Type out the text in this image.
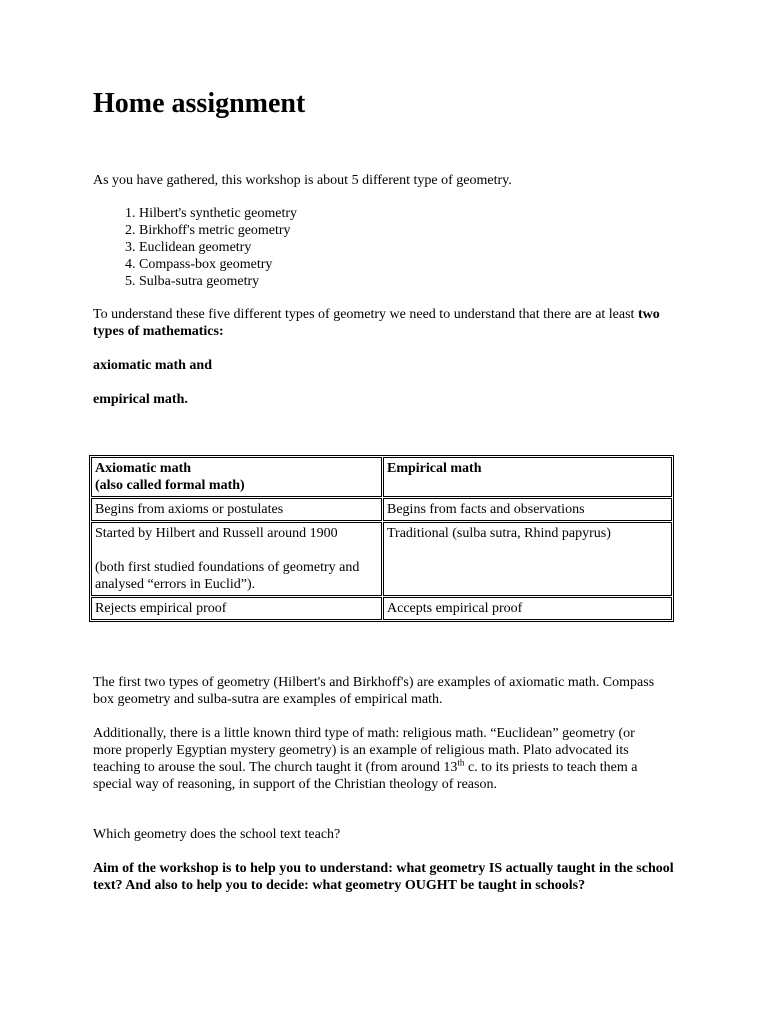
Home assignment

As you have gathered, this workshop is about 5 different type of geometry.

1. Hilbert's synthetic geometry
2. Birkhoff's metric geometry
3. Euclidean geometry
4. Compass-box geometry
5. Sulba-sutra geometry

To understand these five different types of geometry we need to understand that there are at least two types of mathematics:

axiomatic math and

empirical math.

Axiomatic math
(also called formal math)	Empirical math
Begins from axioms or postulates	Begins from facts and observations

Started by Hilbert and Russell around 1900
(both first studied foundations of geometry and analysed “errors in Euclid”).	Traditional (sulba sutra, Rhind papyrus)
Rejects empirical proof	Accepts empirical proof

The first two types of geometry (Hilbert's and Birkhoff's) are examples of axiomatic math. Compass box geometry and sulba-sutra are examples of empirical math.

Additionally, there is a little known third type of math: religious math. “Euclidean” geometry (or more properly Egyptian mystery geometry) is an example of religious math. Plato advocated its teaching to arouse the soul. The church taught it (from around 13th c. to its priests to teach them a special way of reasoning, in support of the Christian theology of reason.

Which geometry does the school text teach?

Aim of the workshop is to help you to understand: what geometry IS actually taught in the school text? And also to help you to decide: what geometry OUGHT be taught in schools?
